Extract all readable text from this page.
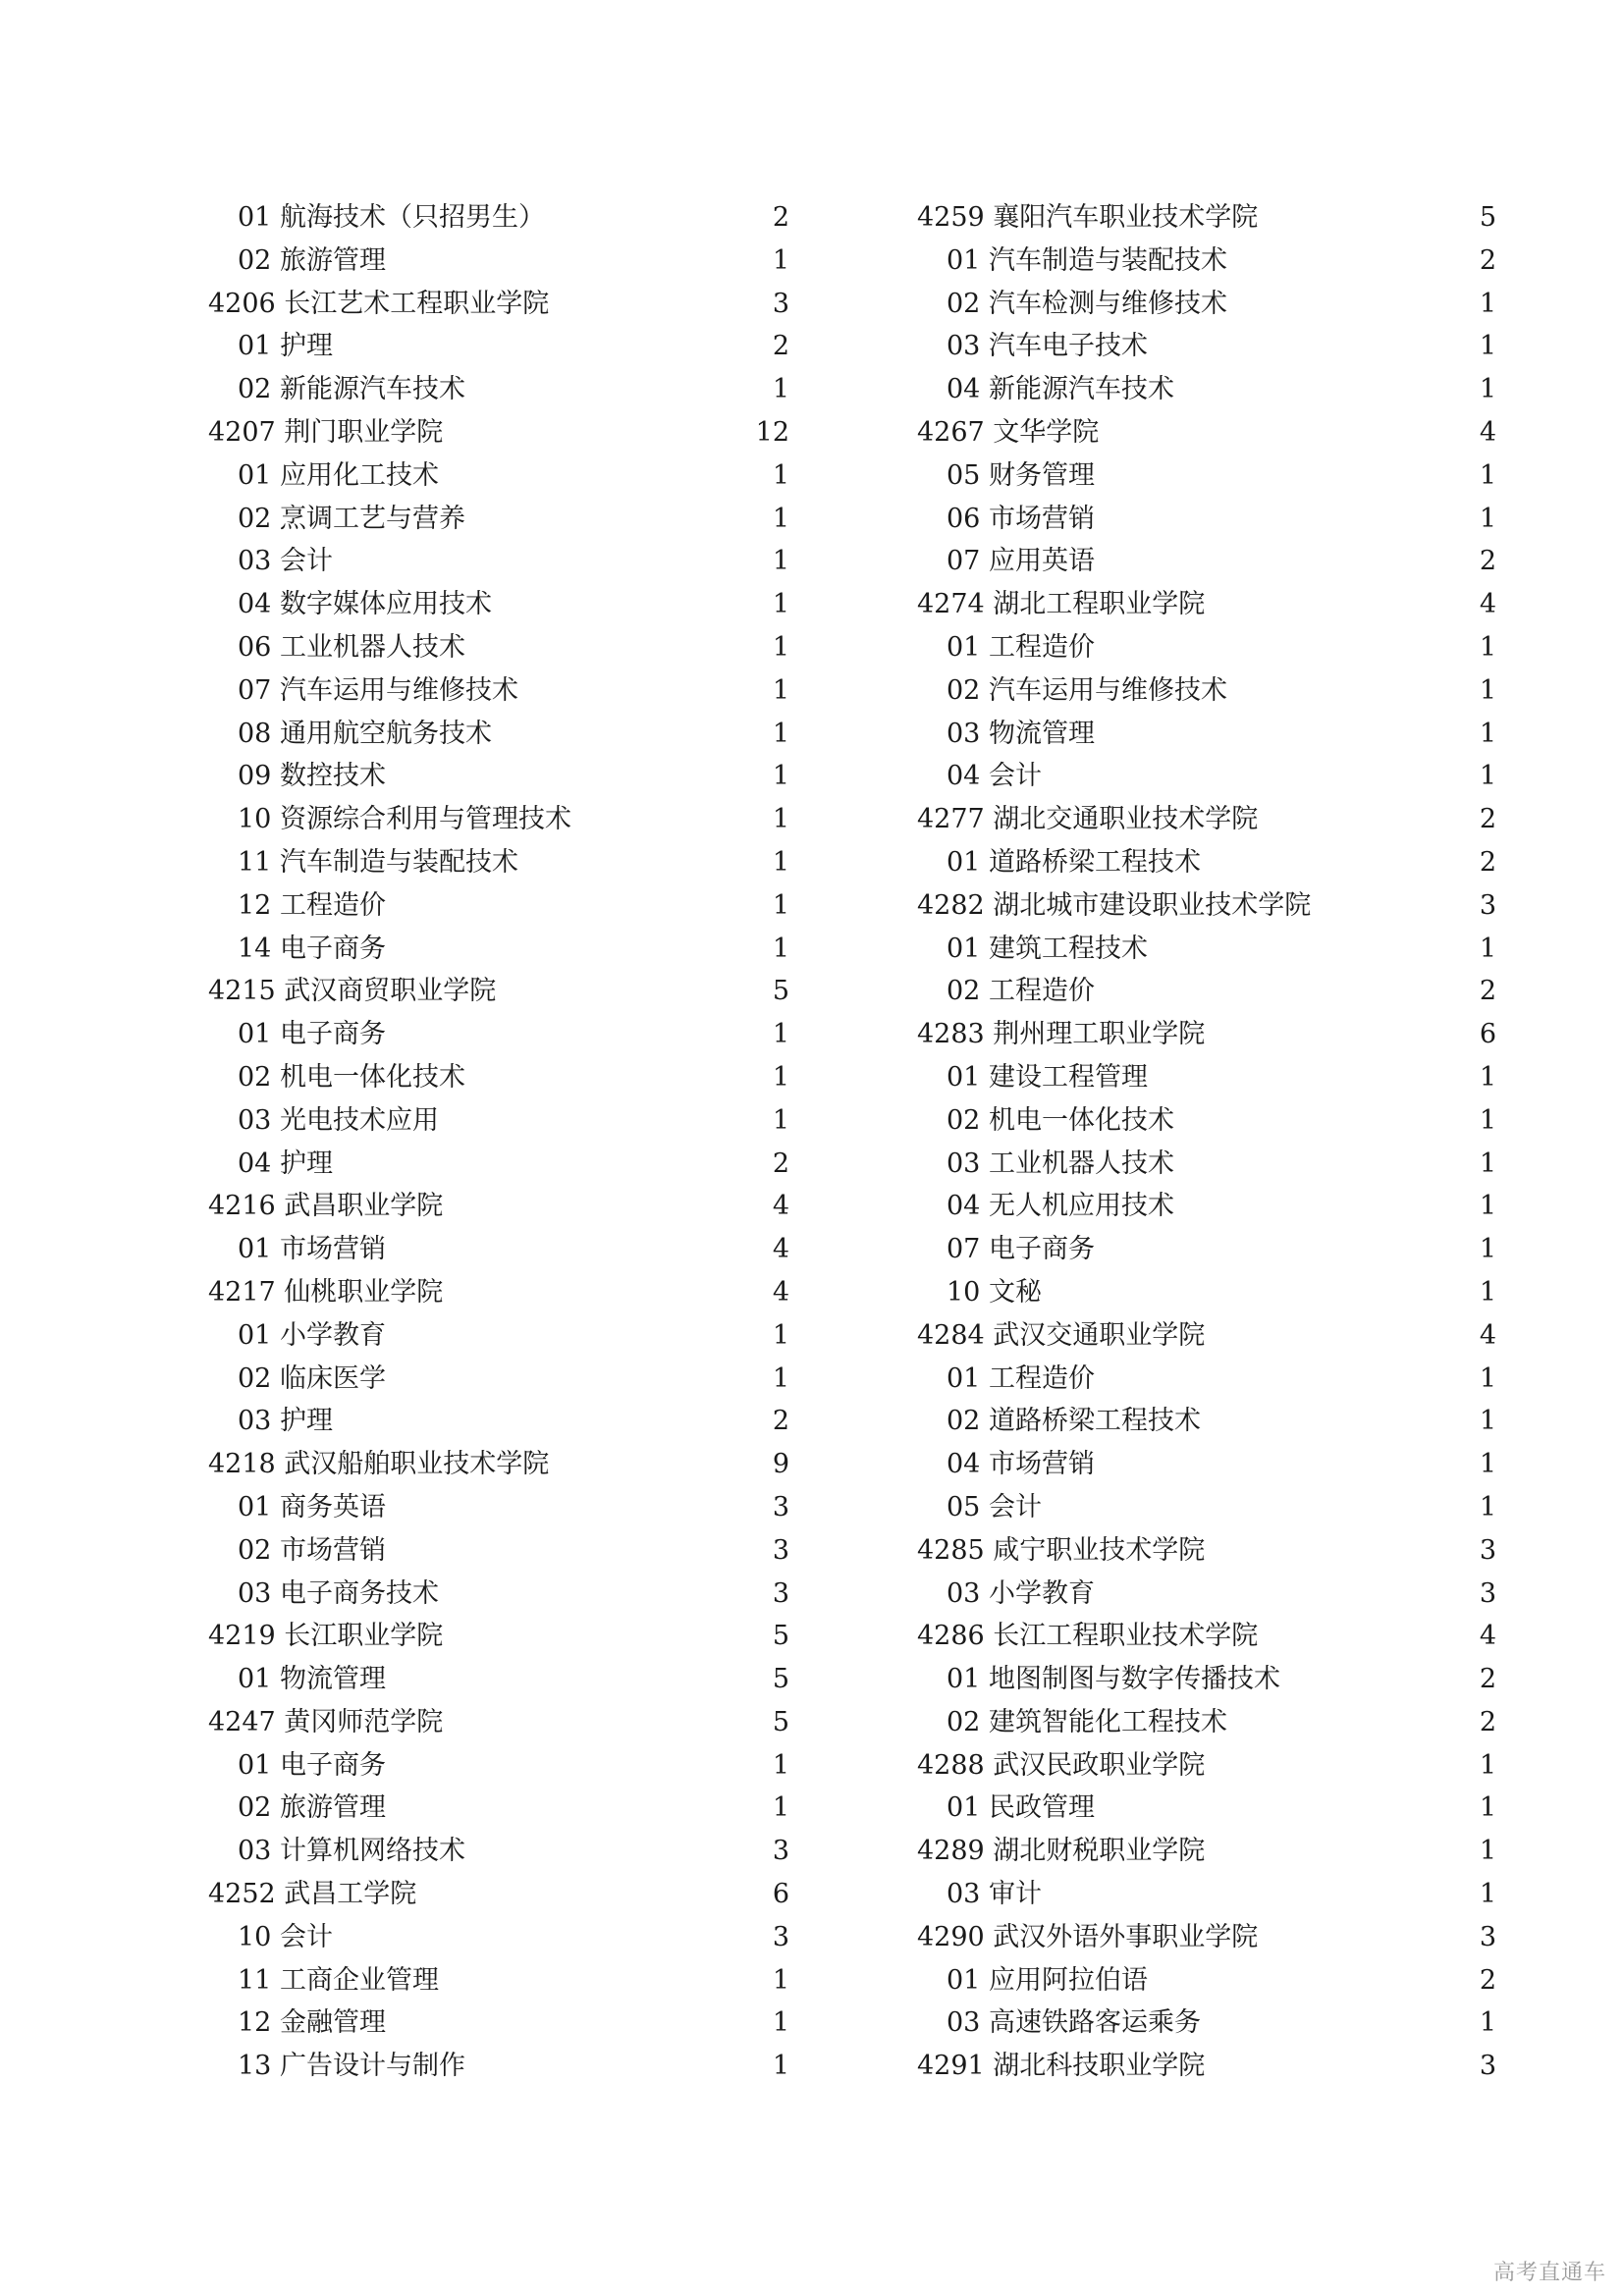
01 航海技术（只招男生）	2
02 旅游管理	1
4206 长江艺术工程职业学院	3
01 护理	2
02 新能源汽车技术	1
4207 荆门职业学院	12
01 应用化工技术	1
02 烹调工艺与营养	1
03 会计	1
04 数字媒体应用技术	1
06 工业机器人技术	1
07 汽车运用与维修技术	1
08 通用航空航务技术	1
09 数控技术	1
10 资源综合利用与管理技术	1
11 汽车制造与装配技术	1
12 工程造价	1
14 电子商务	1
4215 武汉商贸职业学院	5
01 电子商务	1
02 机电一体化技术	1
03 光电技术应用	1
04 护理	2
4216 武昌职业学院	4
01 市场营销	4
4217 仙桃职业学院	4
01 小学教育	1
02 临床医学	1
03 护理	2
4218 武汉船舶职业技术学院	9
01 商务英语	3
02 市场营销	3
03 电子商务技术	3
4219 长江职业学院	5
01 物流管理	5
4247 黄冈师范学院	5
01 电子商务	1
02 旅游管理	1
03 计算机网络技术	3
4252 武昌工学院	6
10 会计	3
11 工商企业管理	1
12 金融管理	1
13 广告设计与制作	1
4259 襄阳汽车职业技术学院	5
01 汽车制造与装配技术	2
02 汽车检测与维修技术	1
03 汽车电子技术	1
04 新能源汽车技术	1
4267 文华学院	4
05 财务管理	1
06 市场营销	1
07 应用英语	2
4274 湖北工程职业学院	4
01 工程造价	1
02 汽车运用与维修技术	1
03 物流管理	1
04 会计	1
4277 湖北交通职业技术学院	2
01 道路桥梁工程技术	2
4282 湖北城市建设职业技术学院	3
01 建筑工程技术	1
02 工程造价	2
4283 荆州理工职业学院	6
01 建设工程管理	1
02 机电一体化技术	1
03 工业机器人技术	1
04 无人机应用技术	1
07 电子商务	1
10 文秘	1
4284 武汉交通职业学院	4
01 工程造价	1
02 道路桥梁工程技术	1
04 市场营销	1
05 会计	1
4285 咸宁职业技术学院	3
03 小学教育	3
4286 长江工程职业技术学院	4
01 地图制图与数字传播技术	2
02 建筑智能化工程技术	2
4288 武汉民政职业学院	1
01 民政管理	1
4289 湖北财税职业学院	1
03 审计	1
4290 武汉外语外事职业学院	3
01 应用阿拉伯语	2
03 高速铁路客运乘务	1
4291 湖北科技职业学院	3
高考直通车
